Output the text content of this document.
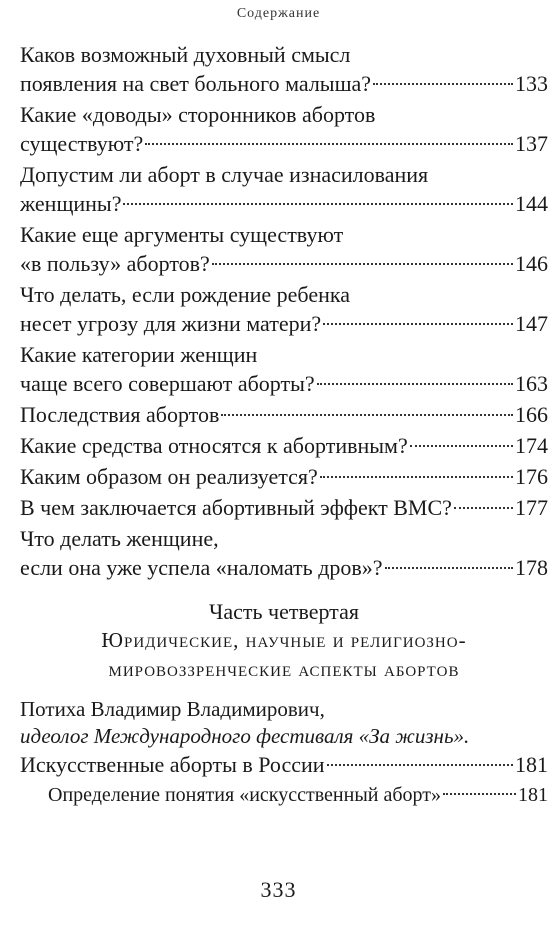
Содержание
Каков возможный духовный смысл
появления на свет больного малыша?	133
Какие «доводы» сторонников абортов
существуют?	137
Допустим ли аборт в случае изнасилования
женщины?	144
Какие еще аргументы существуют
«в пользу» абортов?	146
Что делать, если рождение ребенка
несет угрозу для жизни матери?	147
Какие категории женщин
чаще всего совершают аборты?	163
Последствия абортов	166
Какие средства относятся к абортивным?	174
Каким образом он реализуется?	176
В чем заключается абортивный эффект ВМС?	177
Что делать женщине,
если она уже успела «наломать дров»?	178
Часть четвертая
Юридические, научные и религиозно-
мировоззренческие аспекты абортов
Потиха Владимир Владимирович,
идеолог Международного фестиваля «За жизнь».
Искусственные аборты в России	181
Определение понятия «искусственный аборт»	181
333
